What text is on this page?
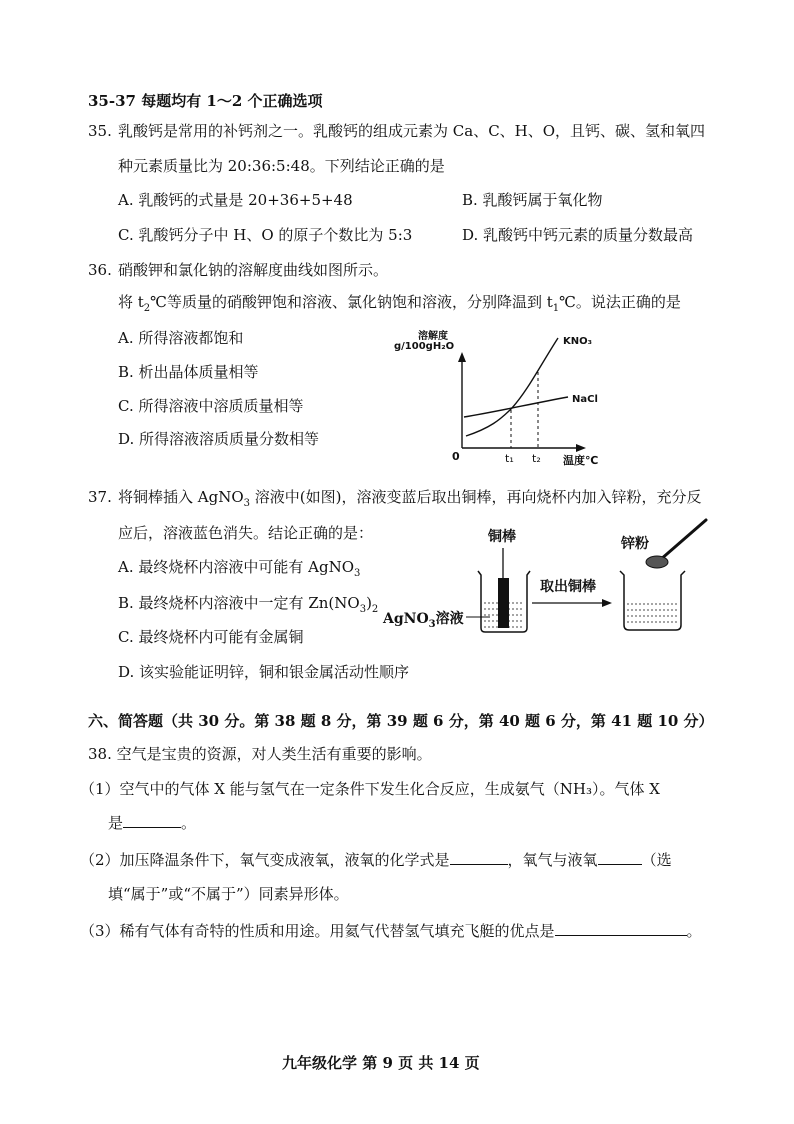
35-37 每题均有 1～2 个正确选项
35. 乳酸钙是常用的补钙剂之一。乳酸钙的组成元素为 Ca、C、H、O，且钙、碳、氢和氧四
种元素质量比为 20:36:5:48。下列结论正确的是
A. 乳酸钙的式量是 20+36+5+48	B. 乳酸钙属于氧化物
C. 乳酸钙分子中 H、O 的原子个数比为 5:3	D. 乳酸钙中钙元素的质量分数最高
36. 硝酸钾和氯化钠的溶解度曲线如图所示。
将 $t_2℃$等质量的硝酸钾饱和溶液、氯化钠饱和溶液，分别降温到 $t_1℃$。说法正确的是
A. 所得溶液都饱和
B. 析出晶体质量相等
C. 所得溶液中溶质质量相等
D. 所得溶液溶质质量分数相等
溶解度
g/100gH₂O	KNO₃
NaCl
0	t₁ t₂ 温度℃
37. 将铜棒插入 AgNO$_3$ 溶液中(如图)，溶液变蓝后取出铜棒，再向烧杯内加入锌粉，充分反
应后，溶液蓝色消失。结论正确的是：
A. 最终烧杯内溶液中可能有 AgNO$_3$
B. 最终烧杯内溶液中一定有 $Zn(NO_3)_2$
C. 最终烧杯内可能有金属铜
D. 该实验能证明锌，铜和银金属活动性顺序
铜棒	锌粉
取出铜棒
AgNO$_3$溶液
六、简答题（共 30 分。第 38 题 8 分，第 39 题 6 分，第 40 题 6 分，第 41 题 10 分）
38. 空气是宝贵的资源，对人类生活有重要的影响。
（1）空气中的气体 X 能与氢气在一定条件下发生化合反应，生成氨气（NH₃）。气体 X
是	。
（2）加压降温条件下，氧气变成液氧，液氧的化学式是	，氧气与液氧	（选
填“属于”或“不属于”）同素异形体。
（3）稀有气体有奇特的性质和用途。用氦气代替氢气填充飞艇的优点是	。
九年级化学 第 9 页 共 14 页
